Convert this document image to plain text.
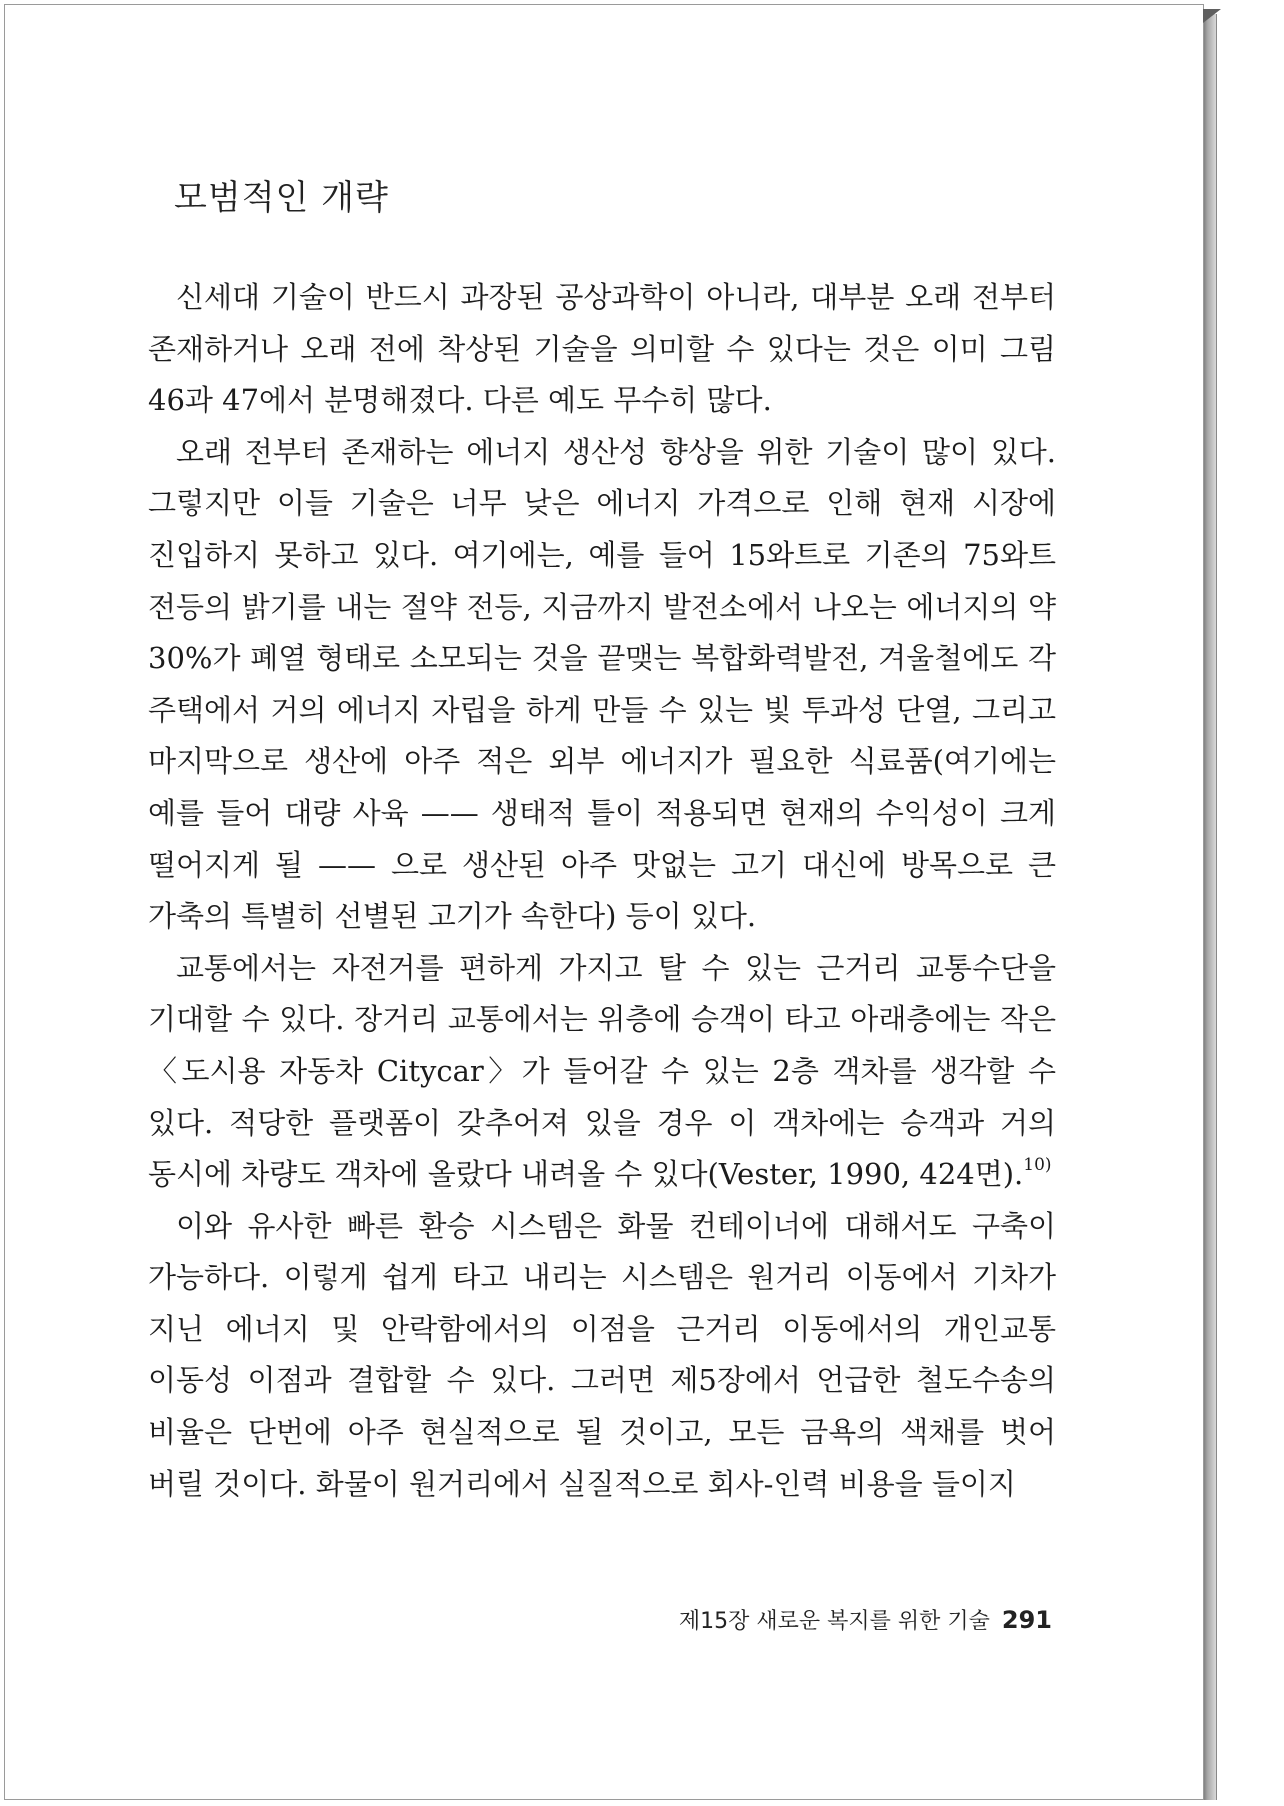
모범적인 개략

신세대 기술이 반드시 과장된 공상과학이 아니라, 대부분 오래 전부터 존재하거나 오래 전에 착상된 기술을 의미할 수 있다는 것은 이미 그림 46과 47에서 분명해졌다. 다른 예도 무수히 많다.

오래 전부터 존재하는 에너지 생산성 향상을 위한 기술이 많이 있다. 그렇지만 이들 기술은 너무 낮은 에너지 가격으로 인해 현재 시장에 진입하지 못하고 있다. 여기에는, 예를 들어 15와트로 기존의 75와트 전등의 밝기를 내는 절약 전등, 지금까지 발전소에서 나오는 에너지의 약 30%가 폐열 형태로 소모되는 것을 끝맺는 복합화력발전, 겨울철에도 각 주택에서 거의 에너지 자립을 하게 만들 수 있는 빛 투과성 단열, 그리고 마지막으로 생산에 아주 적은 외부 에너지가 필요한 식료품(여기에는 예를 들어 대량 사육 —— 생태적 틀이 적용되면 현재의 수익성이 크게 떨어지게 될 —— 으로 생산된 아주 맛없는 고기 대신에 방목으로 큰 가축의 특별히 선별된 고기가 속한다) 등이 있다.

교통에서는 자전거를 편하게 가지고 탈 수 있는 근거리 교통수단을 기대할 수 있다. 장거리 교통에서는 위층에 승객이 타고 아래층에는 작은 〈도시용 자동차 Citycar〉가 들어갈 수 있는 2층 객차를 생각할 수 있다. 적당한 플랫폼이 갖추어져 있을 경우 이 객차에는 승객과 거의 동시에 차량도 객차에 올랐다 내려올 수 있다(Vester, 1990, 424면).$^{10)}$

이와 유사한 빠른 환승 시스템은 화물 컨테이너에 대해서도 구축이 가능하다. 이렇게 쉽게 타고 내리는 시스템은 원거리 이동에서 기차가 지닌 에너지 및 안락함에서의 이점을 근거리 이동에서의 개인교통 이동성 이점과 결합할 수 있다. 그러면 제5장에서 언급한 철도수송의 비율은 단번에 아주 현실적으로 될 것이고, 모든 금욕의 색채를 벗어 버릴 것이다. 화물이 원거리에서 실질적으로 회사-인력 비용을 들이지

제15장 새로운 복지를 위한 기술 291
